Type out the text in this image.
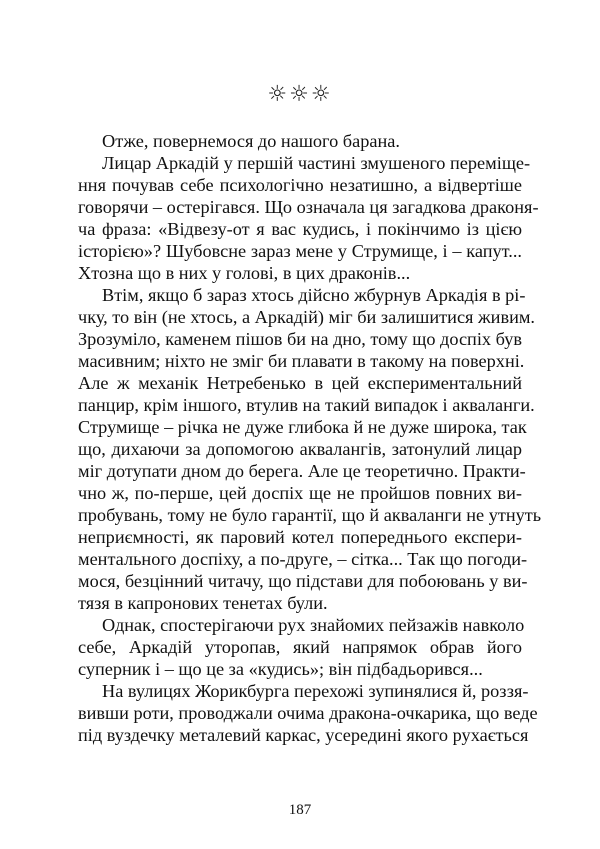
☼☼☼
Отже, повернемося до нашого барана.
Лицар Аркадій у першій частині змушеного переміще-
ння почував себе психологічно незатишно, а відвертіше
говорячи – остерігався. Що означала ця загадкова драконя-
ча фраза: «Відвезу-от я вас кудись, і покінчимо із цією
історією»? Шубовсне зараз мене у Струмище, і – капут...
Хтозна що в них у голові, в цих драконів...
Втім, якщо б зараз хтось дійсно жбурнув Аркадія в рі-
чку, то він (не хтось, а Аркадій) міг би залишитися живим.
Зрозуміло, каменем пішов би на дно, тому що доспіх був
масивним; ніхто не зміг би плавати в такому на поверхні.
Але ж механік Нетребенько в цей експериментальний
панцир, крім іншого, втулив на такий випадок і акваланги.
Струмище – річка не дуже глибока й не дуже широка, так
що, дихаючи за допомогою аквалангів, затонулий лицар
міг дотупати дном до берега. Але це теоретично. Практи-
чно ж, по-перше, цей доспіх ще не пройшов повних ви-
пробувань, тому не було гарантії, що й акваланги не утнуть
неприємності, як паровий котел попереднього експери-
ментального доспіху, а по-друге, – сітка... Так що погоди-
мося, безцінний читачу, що підстави для побоювань у ви-
тязя в капронових тенетах були.
Однак, спостерігаючи рух знайомих пейзажів навколо
себе, Аркадій уторопав, який напрямок обрав його
суперник і – що це за «кудись»; він підбадьорився...
На вулицях Жорикбурга перехожі зупинялися й, роззя-
вивши роти, проводжали очима дракона-очкарика, що веде
під вуздечку металевий каркас, усередині якого рухається
187
